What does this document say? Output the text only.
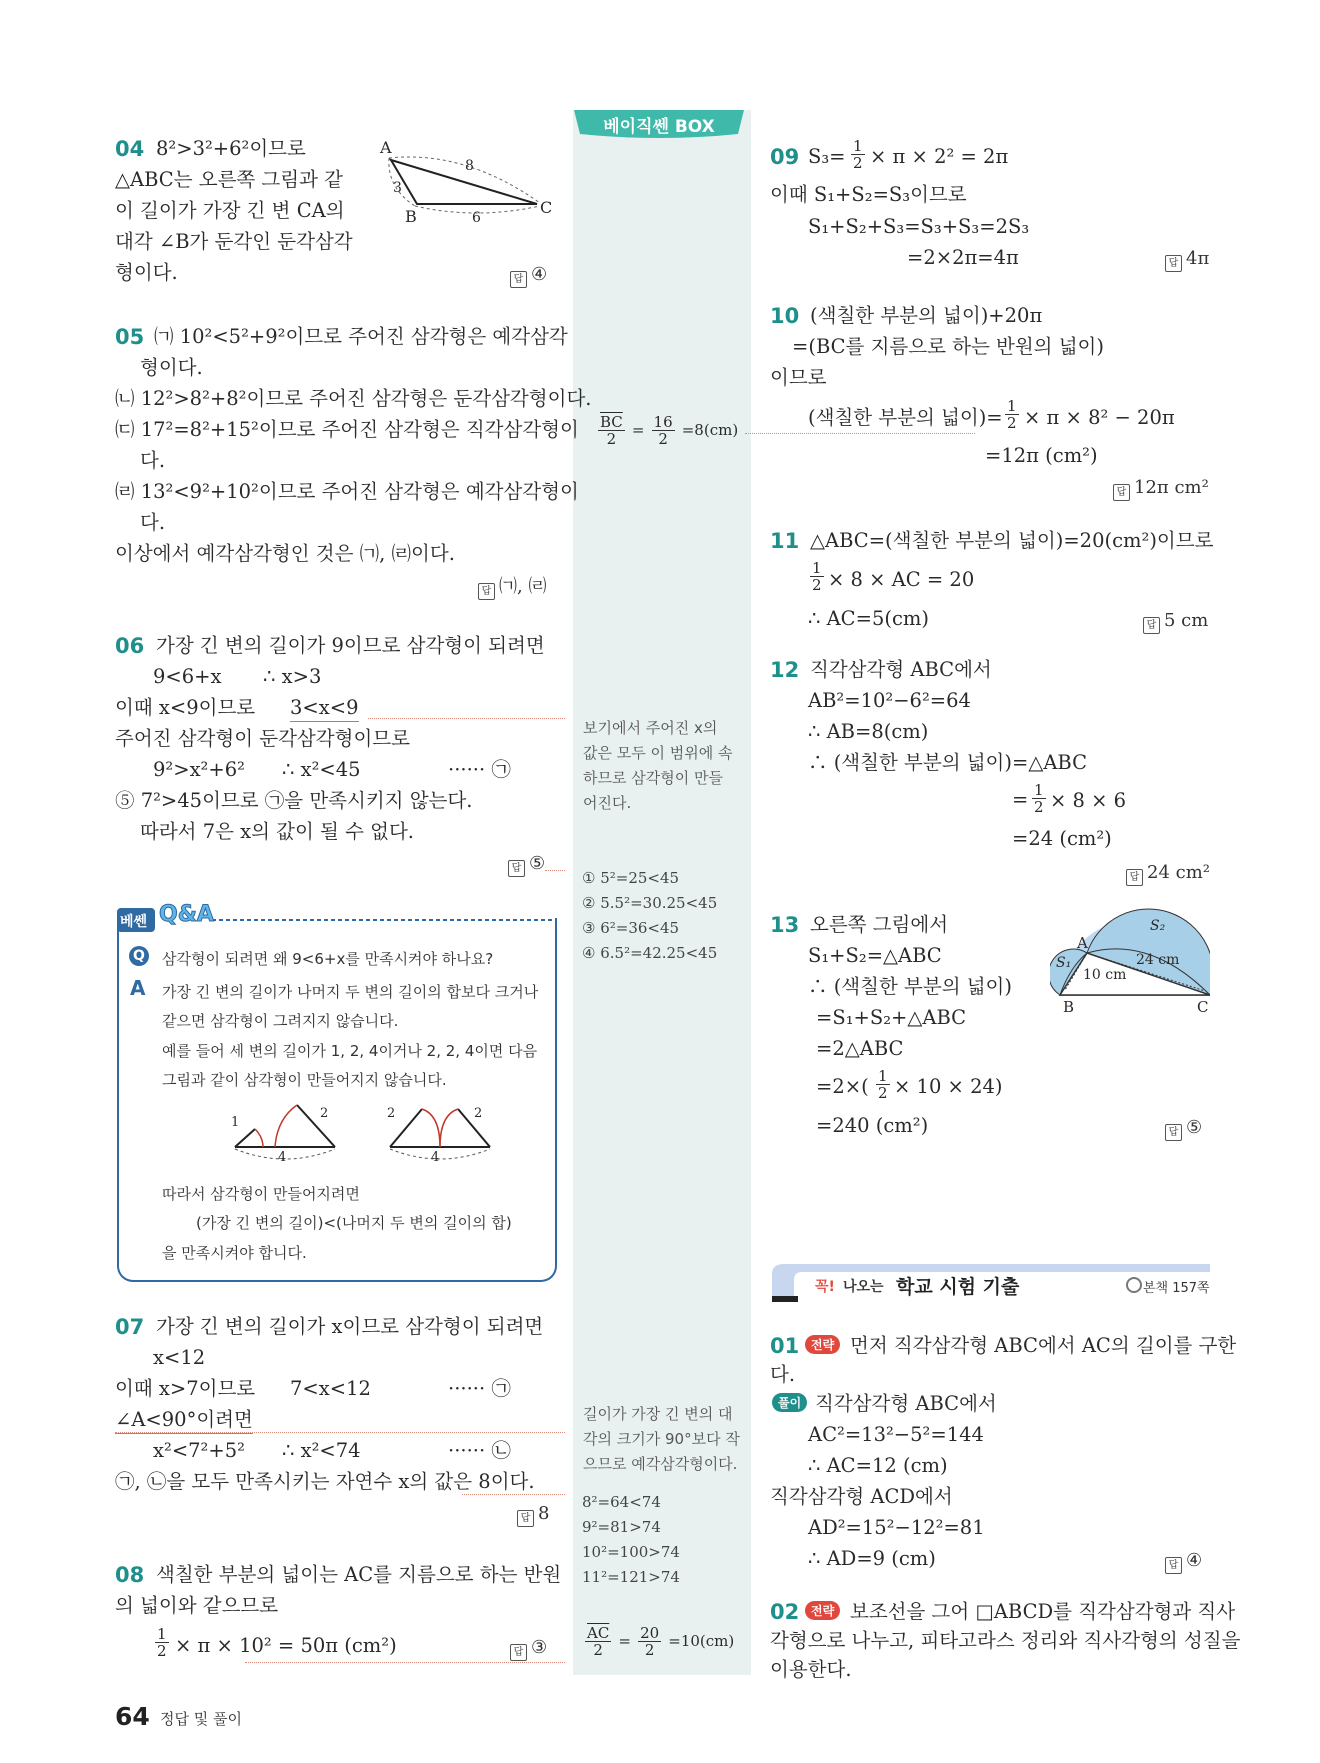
베이직쎈 BOX
04 8²>3²+6²이므로
△ABC는 오른쪽 그림과 같
이 길이가 가장 긴 변 CA의
대각 ∠B가 둔각인 둔각삼각
형이다.	답 ④
A
B	C
8
3
6
05 ㈀ 10²<5²+9²이므로 주어진 삼각형은 예각삼각
형이다.
㈁ 12²>8²+8²이므로 주어진 삼각형은 둔각삼각형이다.
㈂ 17²=8²+15²이므로 주어진 삼각형은 직각삼각형이
다.
㈃ 13²<9²+10²이므로 주어진 삼각형은 예각삼각형이
다.
이상에서 예각삼각형인 것은 ㈀, ㈃이다.
답 ㈀, ㈃
06 가장 긴 변의 길이가 9이므로 삼각형이 되려면
9<6+x ∴ x>3
이때 x<9이므로 3<x<9
주어진 삼각형이 둔각삼각형이므로
9²>x²+6² ∴ x²<45	······ ㉠
⑤ 7²>45이므로 ㉠을 만족시키지 않는다.
따라서 7은 x의 값이 될 수 없다.
답 ⑤
베쎈 Q&A
Q 삼각형이 되려면 왜 9<6+x를 만족시켜야 하나요?
A 가장 긴 변의 길이가 나머지 두 변의 길이의 합보다 크거나
같으면 삼각형이 그려지지 않습니다.
예를 들어 세 변의 길이가 1, 2, 4이거나 2, 2, 4이면 다음
그림과 같이 삼각형이 만들어지지 않습니다.
1
2
4
2	2
4
따라서 삼각형이 만들어지려면
(가장 긴 변의 길이)<(나머지 두 변의 길이의 합)
을 만족시켜야 합니다.
07 가장 긴 변의 길이가 x이므로 삼각형이 되려면
x<12
이때 x>7이므로 7<x<12	······ ㉠
∠A<90°이려면
x²<7²+5² ∴ x²<74	······ ㉡
㉠, ㉡을 모두 만족시키는 자연수 x의 값은 8이다.
답 8
08 색칠한 부분의 넓이는 AC를 지름으로 하는 반원
의 넓이와 같으므로
$\frac{1}{2} \times \pi \times 10^2 = 50\pi$ (cm²)	답 ③
$\frac{\overline{BC}}{2} = \frac{16}{2} =8(cm)$
보기에서 주어진 x의
값은 모두 이 범위에 속
하므로 삼각형이 만들
어진다.
① 5²=25<45
② 5.5²=30.25<45
③ 6²=36<45
④ 6.5²=42.25<45
길이가 가장 긴 변의 대
각의 크기가 90°보다 작
으므로 예각삼각형이다.
8²=64<74
9²=81>74
10²=100>74
11²=121>74
$\frac{\overline{AC}}{2} = \frac{20}{2} =10(cm)$
09 $S_3= \frac{1}{2} \times \pi \times 2^2 = 2\pi$
이때 S₁+S₂=S₃이므로
S₁+S₂+S₃=S₃+S₃=2S₃
=2×2π=4π	답 4π
10 (색칠한 부분의 넓이)+20π
=(BC를 지름으로 하는 반원의 넓이)
이므로
(색칠한 부분의 넓이)= $\frac{1}{2} \times \pi \times 8^2 - 20\pi$
=12π (cm²)
답 12π cm²
11 △ABC=(색칠한 부분의 넓이)=20(cm²)이므로
$\frac{1}{2} \times 8$ × AC = 20
∴ AC=5(cm)	답 5 cm
12 직각삼각형 ABC에서
AB²=10²−6²=64
∴ AB=8(cm)
∴ (색칠한 부분의 넓이)=△ABC
= $\frac{1}{2} \times 8 \times 6$
=24 (cm²)
답 24 cm²
13 오른쪽 그림에서
S₁+S₂=△ABC
∴ (색칠한 부분의 넓이)
=S₁+S₂+△ABC
=2△ABC
$=2\times( \frac{1}{2} \times 10 \times 24)$
=240 (cm²)	답 ⑤
A
B	C
S₁
S₂
10 cm
24 cm
꼭! 나오는 학교 시험 기출	본책 157쪽
01 전략 먼저 직각삼각형 ABC에서 AC의 길이를 구한
다.
풀이 직각삼각형 ABC에서
AC²=13²−5²=144
∴ AC=12 (cm)
직각삼각형 ACD에서
AD²=15²−12²=81
∴ AD=9 (cm)	답 ④
02 전략 보조선을 그어 □ABCD를 직각삼각형과 직사
각형으로 나누고, 피타고라스 정리와 직사각형의 성질을
이용한다.
64 정답 및 풀이
